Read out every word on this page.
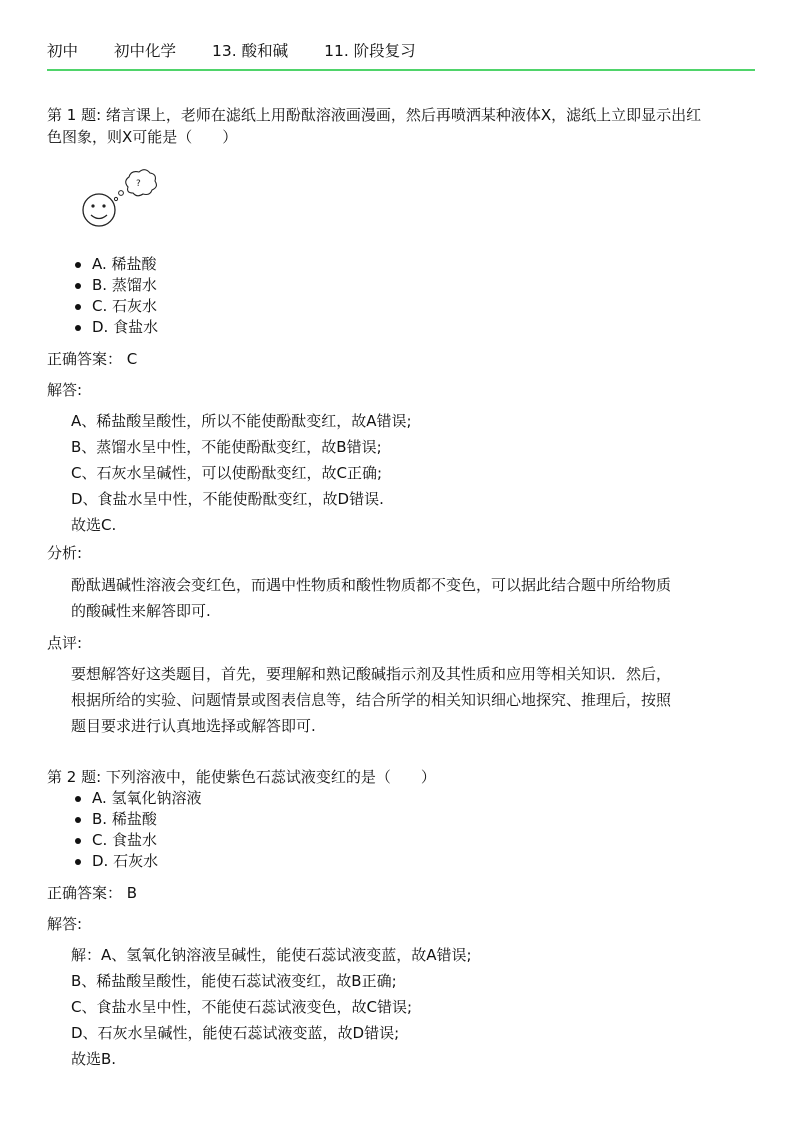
初中 初中化学 13. 酸和碱 11. 阶段复习
第 1 题: 绪言课上，老师在滤纸上用酚酞溶液画漫画，然后再喷洒某种液体X，滤纸上立即显示出红
色图象，则X可能是（　　）
?
A. 稀盐酸
B. 蒸馏水
C. 石灰水
D. 食盐水
正确答案： C
解答:
A、稀盐酸呈酸性，所以不能使酚酞变红，故A错误;
B、蒸馏水呈中性，不能使酚酞变红，故B错误;
C、石灰水呈碱性，可以使酚酞变红，故C正确;
D、食盐水呈中性，不能使酚酞变红，故D错误.
故选C.
分析:
酚酞遇碱性溶液会变红色，而遇中性物质和酸性物质都不变色，可以据此结合题中所给物质
的酸碱性来解答即可.
点评:
要想解答好这类题目，首先，要理解和熟记酸碱指示剂及其性质和应用等相关知识．然后，
根据所给的实验、问题情景或图表信息等，结合所学的相关知识细心地探究、推理后，按照
题目要求进行认真地选择或解答即可.
第 2 题: 下列溶液中，能使紫色石蕊试液变红的是（　　）
A. 氢氧化钠溶液
B. 稀盐酸
C. 食盐水
D. 石灰水
正确答案： B
解答:
解：A、氢氧化钠溶液呈碱性，能使石蕊试液变蓝，故A错误;
B、稀盐酸呈酸性，能使石蕊试液变红，故B正确;
C、食盐水呈中性，不能使石蕊试液变色，故C错误;
D、石灰水呈碱性，能使石蕊试液变蓝，故D错误;
故选B.
